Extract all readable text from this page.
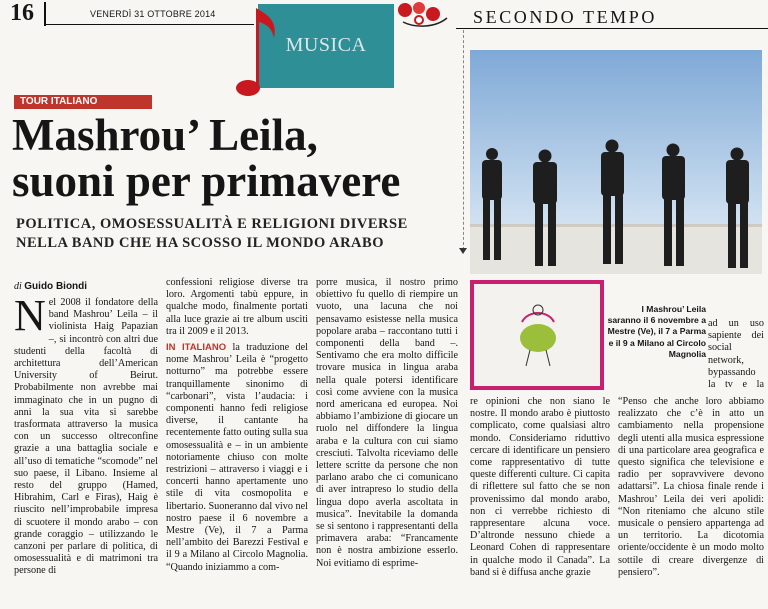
16	VENERDÌ 31 OTTOBRE 2014
MUSICA
SECONDO TEMPO
TOUR ITALIANO
Mashrou’ Leila,
suoni per primavere
POLITICA, OMOSESSUALITÀ E RELIGIONI DIVERSE
NELLA BAND CHE HA SCOSSO IL MONDO ARABO
di Guido Biondi
Nel 2008 il fondatore della band Mashrou’ Leila – il violinista Haig Papazian –, si incontrò con altri due studenti della facoltà di architettura dell’American University of Beirut. Probabilmente non avrebbe mai immaginato che in un pugno di anni la sua vita si sarebbe trasformata attraverso la musica con un successo oltreconfine grazie a una battaglia sociale e all’uso di tematiche “scomode” nel suo paese, il Libano. Insieme al resto del gruppo (Hamed, Hibrahim, Carl e Firas), Haig è riuscito nell’improbabile impresa di scuotere il mondo arabo – con grande coraggio – utilizzando le canzoni per parlare di politica, di omosessualità e di matrimoni tra persone di
confessioni religiose diverse tra loro. Argomenti tabù eppure, in qualche modo, finalmente portati alla luce grazie ai tre album usciti tra il 2009 e il 2013.
IN ITALIANO la traduzione del nome Mashrou’ Leila è “progetto notturno” ma potrebbe essere tranquillamente sinonimo di “carbonari”, vista l’audacia: i componenti hanno fedi religiose diverse, il cantante ha recentemente fatto outing sulla sua omosessualità e – in un ambiente notoriamente chiuso con molte restrizioni – attraverso i viaggi e i concerti hanno apertamente uno stile di vita cosmopolita e libertario. Suoneranno dal vivo nel nostro paese il 6 novembre a Mestre (Ve), il 7 a Parma nell’ambito dei Barezzi Festival e il 9 a Milano al Circolo Magnolia. “Quando iniziammo a com-
porre musica, il nostro primo obiettivo fu quello di riempire un vuoto, una lacuna che noi pensavamo esistesse nella musica popolare araba – raccontano tutti i componenti della band –. Sentivamo che era molto difficile trovare musica in lingua araba nella quale potersi identificare così come avviene con la musica nord americana ed europea. Noi abbiamo l’ambizione di giocare un ruolo nel diffondere la lingua araba e la cultura con cui siamo cresciuti. Talvolta riceviamo delle lettere scritte da persone che non parlano arabo che ci comunicano di aver intrapreso lo studio della lingua dopo averla ascoltata in musica”. Inevitabile la domanda se si sentono i rappresentanti della primavera araba: “Francamente non è nostra ambizione esserlo. Noi evitiamo di esprime-
re opinioni che non siano le nostre. Il mondo arabo è piuttosto complicato, come qualsiasi altro mondo. Consideriamo riduttivo cercare di identificare un pensiero come rappresentativo di tutte queste differenti culture. Ci capita di riflettere sul fatto che se non provenissimo dal mondo arabo, non ci verrebbe richiesto di rappresentare alcuna voce. D’altronde nessuno chiede a Leonard Cohen di rappresentare in qualche modo il Canada”. La band si è diffusa anche grazie
ad un uso sapiente dei social network, bypassando la tv e la
“Penso che anche loro abbiamo realizzato che c’è in atto un cambiamento nella propensione degli utenti alla musica espressione di una particolare area geografica e questo significa che televisione e radio per sopravvivere devono adattarsi”. La chiosa finale rende i Mashrou’ Leila dei veri apolidi: “Non riteniamo che alcuno stile musicale o pensiero appartenga ad un territorio. La dicotomia oriente/occidente è un modo molto sottile di creare divergenze di pensiero”.
I Mashrou’ Leila saranno il 6 novembre a Mestre (Ve), il 7 a Parma e il 9 a Milano al Circolo Magnolia
